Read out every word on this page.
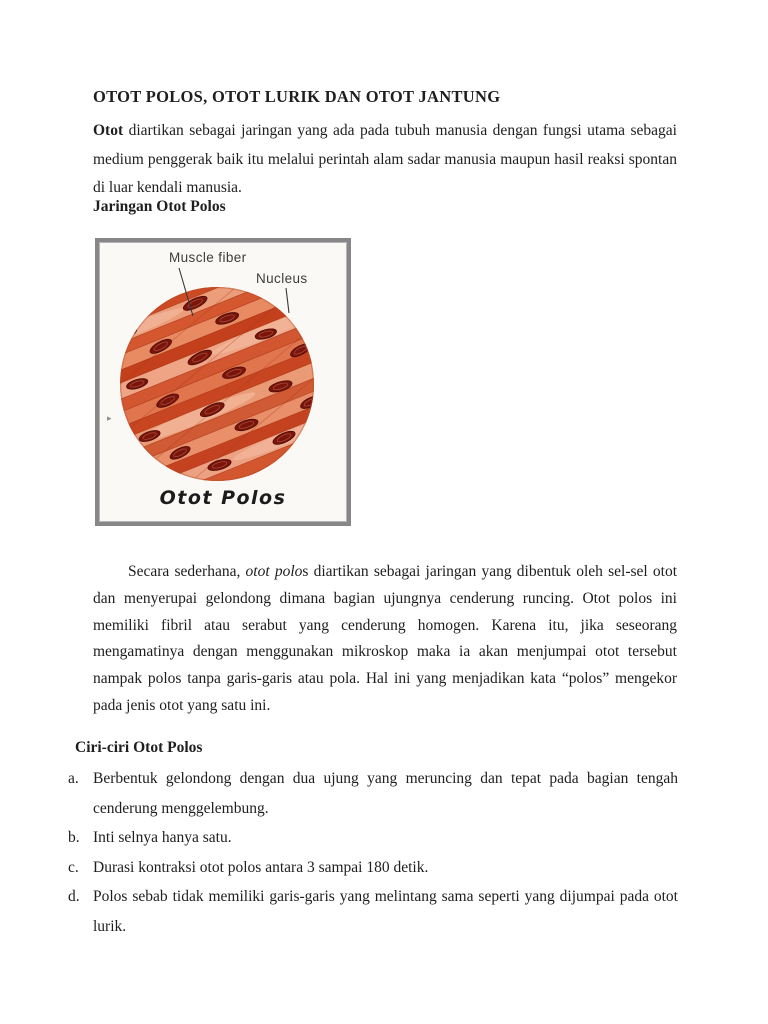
OTOT POLOS, OTOT LURIK DAN OTOT JANTUNG
Otot diartikan sebagai jaringan yang ada pada tubuh manusia dengan fungsi utama sebagai medium penggerak baik itu melalui perintah alam sadar manusia maupun hasil reaksi spontan di luar kendali manusia.
Jaringan Otot Polos
Muscle fiber
Nucleus
▸
Otot Polos
Secara sederhana, otot polos diartikan sebagai jaringan yang dibentuk oleh sel-sel otot dan menyerupai gelondong dimana bagian ujungnya cenderung runcing. Otot polos ini memiliki fibril atau serabut yang cenderung homogen. Karena itu, jika seseorang mengamatinya dengan menggunakan mikroskop maka ia akan menjumpai otot tersebut nampak polos tanpa garis-garis atau pola. Hal ini yang menjadikan kata “polos” mengekor pada jenis otot yang satu ini.
Ciri-ciri Otot Polos
a. Berbentuk gelondong dengan dua ujung yang meruncing dan tepat pada bagian tengah cenderung menggelembung.
b. Inti selnya hanya satu.
c. Durasi kontraksi otot polos antara 3 sampai 180 detik.
d. Polos sebab tidak memiliki garis-garis yang melintang sama seperti yang dijumpai pada otot lurik.
